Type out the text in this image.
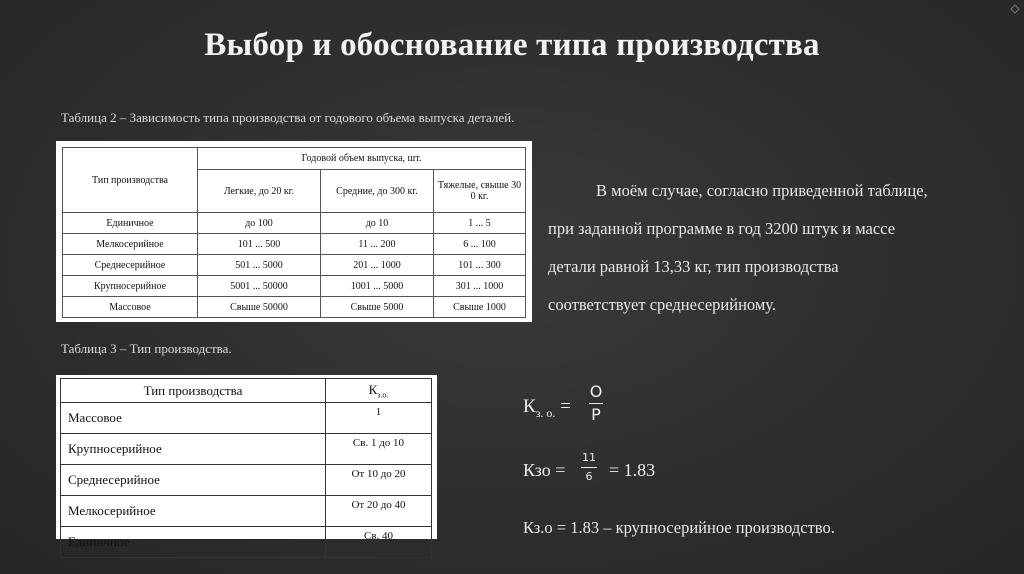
Выбор и обоснование типа производства
Таблица 2 – Зависимость типа производства от годового объема выпуска деталей.
Тип производства	Годовой объем выпуска, шт.		
	Легкие, до 20 кг.	Средние, до 300 кг.	Тяжелые, свыше 30 0 кг.
Единичное	до 100	до 10	1 ... 5
Мелкосерийное	101 ... 500	11 ... 200	6 ... 100
Среднесерийное	501 ... 5000	201 ... 1000	101 ... 300
Крупносерийное	5001 ... 50000	1001 ... 5000	301 ... 1000
Массовое	Свыше 50000	Свыше 5000	Свыше 1000
Таблица 3 – Тип производства.
Тип производства	$К_{з.о.}$
Массовое	1
Крупносерийное	Св. 1 до 10
Среднесерийное	От 10 до 20
Мелкосерийное	От 20 до 40
Единичное	Св. 40
В моём случае, согласно приведенной таблице,
при заданной программе в год 3200 штук и массе
детали равной 13,33 кг, тип производства
соответствует среднесерийному.
$К_{з. о.}$ =
О
Р
Кзо =
11
6 = 1.83
Кз.о = 1.83 – крупносерийное производство.
